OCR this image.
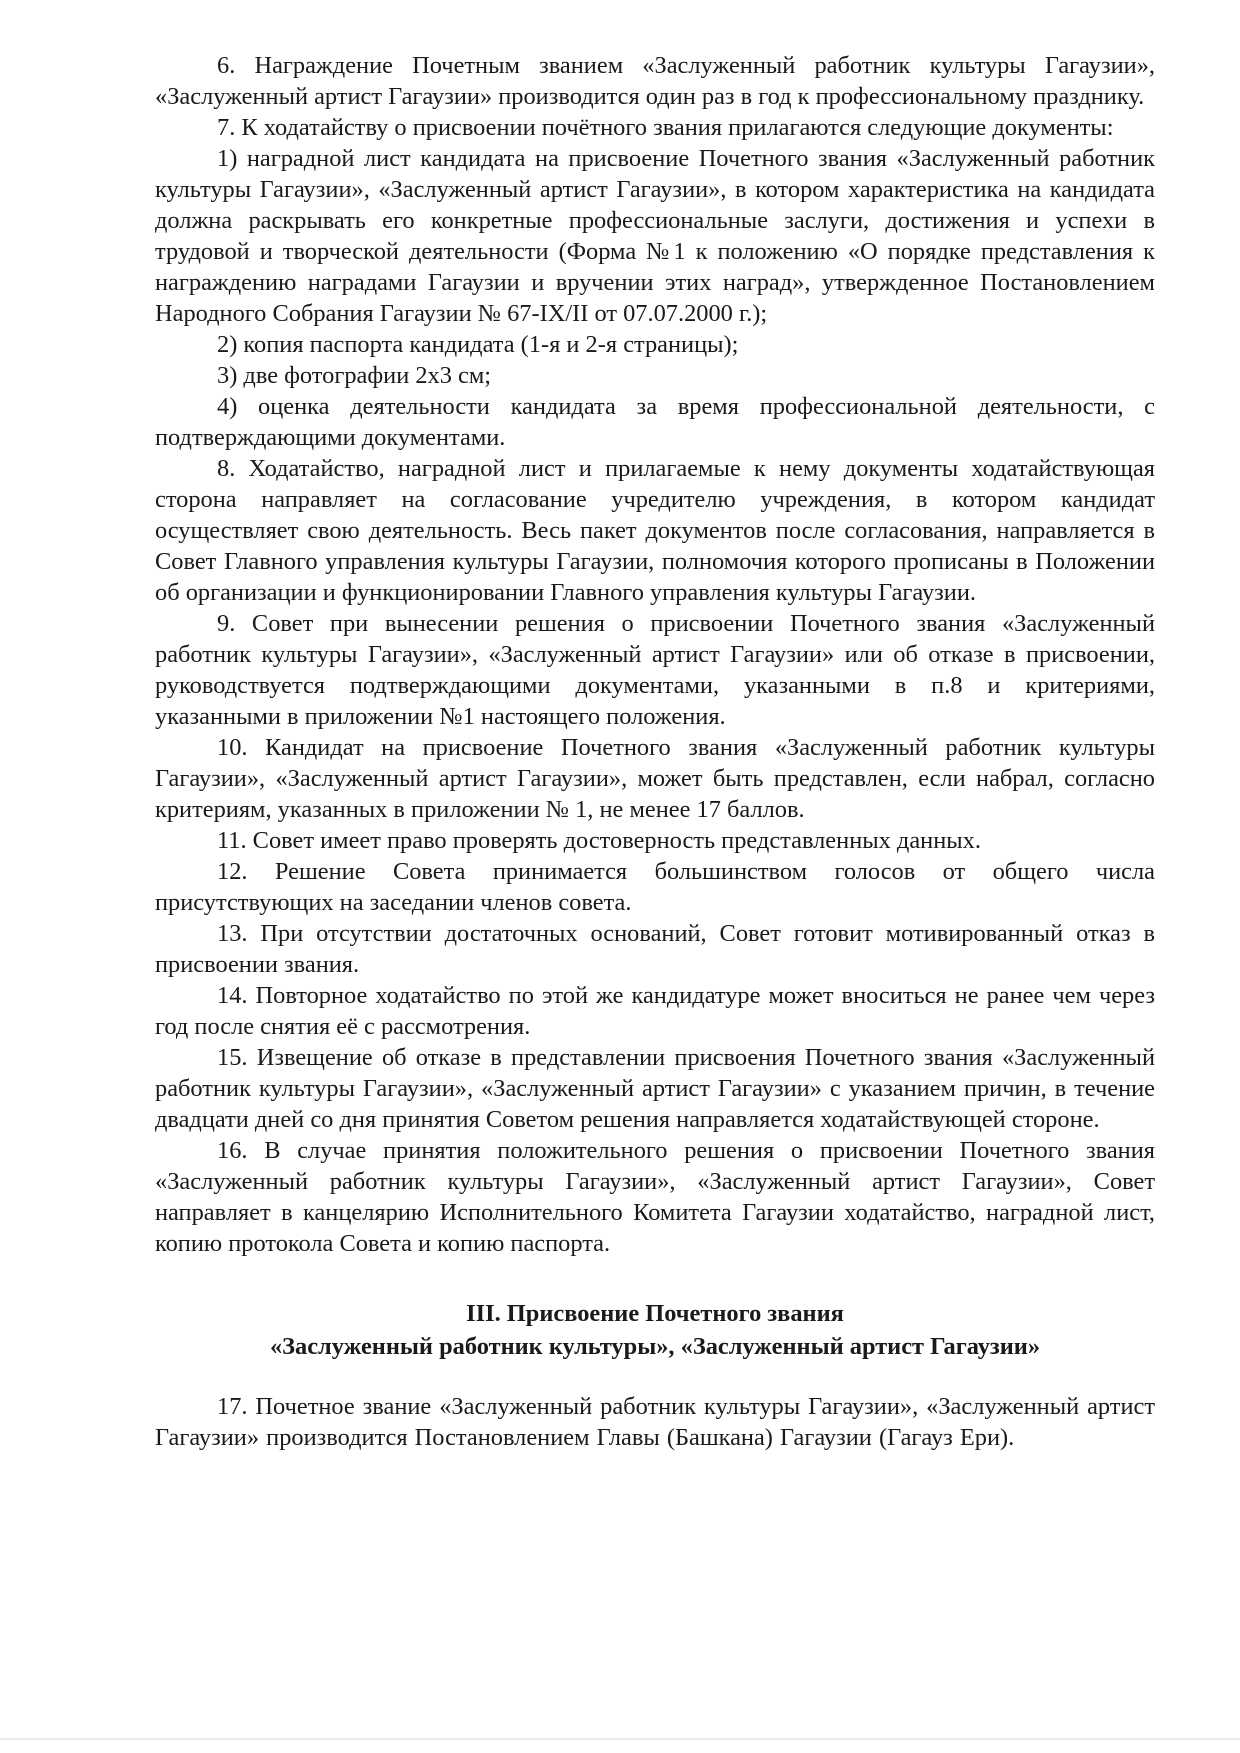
6. Награждение Почетным званием «Заслуженный работник культуры Гагаузии», «Заслуженный артист Гагаузии» производится один раз в год к профессиональному празднику.

7. К ходатайству о присвоении почётного звания прилагаются следующие документы:

1) наградной лист кандидата на присвоение Почетного звания «Заслуженный работник культуры Гагаузии», «Заслуженный артист Гагаузии», в котором характеристика на кандидата должна раскрывать его конкретные профессиональные заслуги, достижения и успехи в трудовой и творческой деятельности (Форма №1 к положению «О порядке представления к награждению наградами Гагаузии и вручении этих наград», утвержденное Постановлением Народного Собрания Гагаузии № 67-IX/II от 07.07.2000 г.);

2) копия паспорта кандидата (1-я и 2-я страницы);

3) две фотографии 2х3 см;

4) оценка деятельности кандидата за время профессиональной деятельности, с подтверждающими документами.

8. Ходатайство, наградной лист и прилагаемые к нему документы ходатайствующая сторона направляет на согласование учредителю учреждения, в котором кандидат осуществляет свою деятельность. Весь пакет документов после согласования, направляется в Совет Главного управления культуры Гагаузии, полномочия которого прописаны в Положении об организации и функционировании Главного управления культуры Гагаузии.

9. Совет при вынесении решения о присвоении Почетного звания «Заслуженный работник культуры Гагаузии», «Заслуженный артист Гагаузии» или об отказе в присвоении, руководствуется подтверждающими документами, указанными в п.8 и критериями, указанными в приложении №1 настоящего положения.

10. Кандидат на присвоение Почетного звания «Заслуженный работник культуры Гагаузии», «Заслуженный артист Гагаузии», может быть представлен, если набрал, согласно критериям, указанных в приложении № 1, не менее 17 баллов.

11. Совет имеет право проверять достоверность представленных данных.

12. Решение Совета принимается большинством голосов от общего числа присутствующих на заседании членов совета.

13. При отсутствии достаточных оснований, Совет готовит мотивированный отказ в присвоении звания.

14. Повторное ходатайство по этой же кандидатуре может вноситься не ранее чем через год после снятия её с рассмотрения.

15. Извещение об отказе в представлении присвоения Почетного звания «Заслуженный работник культуры Гагаузии», «Заслуженный артист Гагаузии» с указанием причин, в течение двадцати дней со дня принятия Советом решения направляется ходатайствующей стороне.

16. В случае принятия положительного решения о присвоении Почетного звания «Заслуженный работник культуры Гагаузии», «Заслуженный артист Гагаузии», Совет направляет в канцелярию Исполнительного Комитета Гагаузии ходатайство, наградной лист, копию протокола Совета и копию паспорта.

III. Присвоение Почетного звания
«Заслуженный работник культуры», «Заслуженный артист Гагаузии»

17. Почетное звание «Заслуженный работник культуры Гагаузии», «Заслуженный артист Гагаузии» производится Постановлением Главы (Башкана) Гагаузии (Гагауз Ери).
